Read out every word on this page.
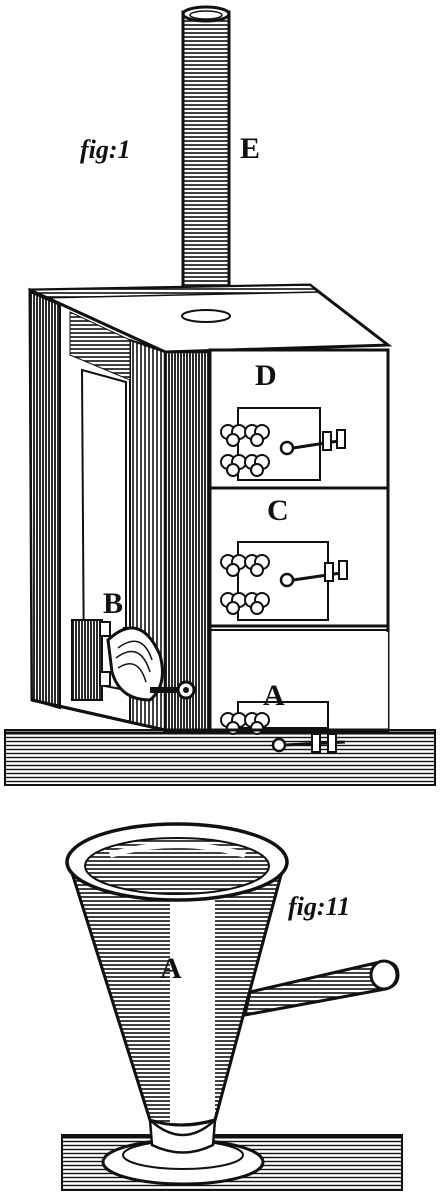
fig:1	E
D
C
A
B
fig:11
A
